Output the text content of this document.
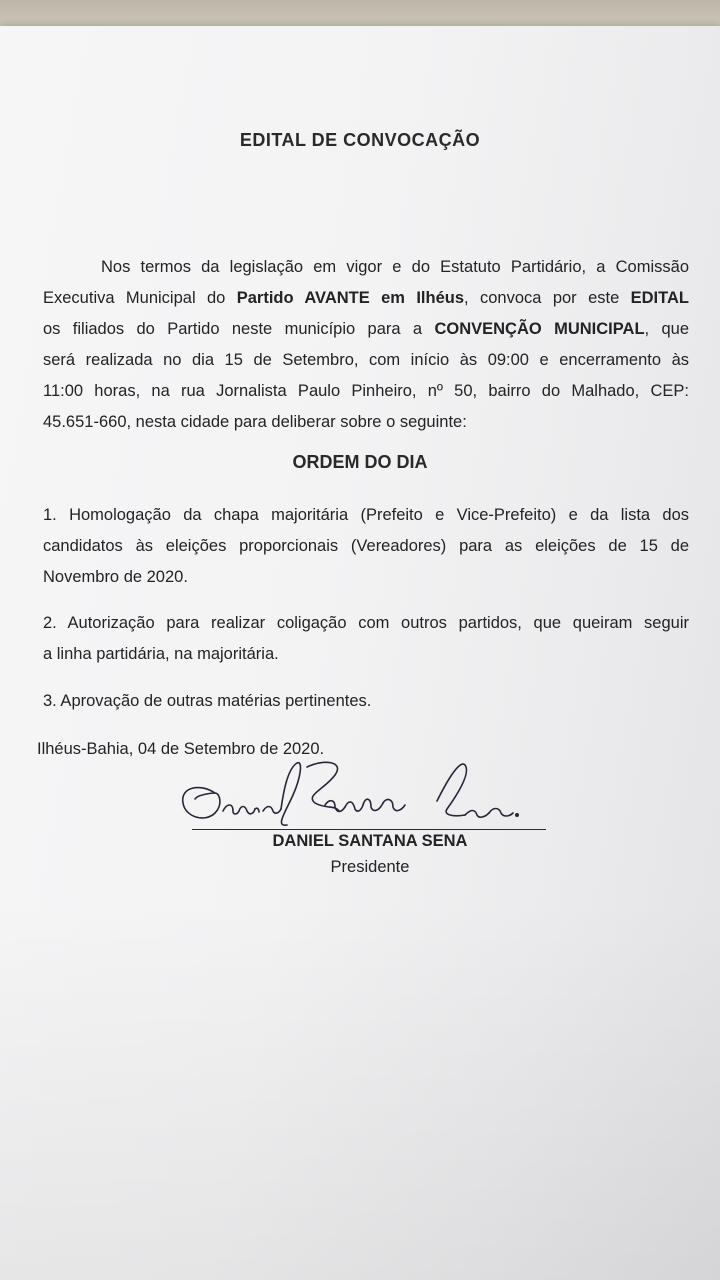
EDITAL DE CONVOCAÇÃO
Nos termos da legislação em vigor e do Estatuto Partidário, a Comissão
Executiva Municipal do Partido AVANTE em Ilhéus, convoca por este EDITAL
os filiados do Partido neste município para a CONVENÇÃO MUNICIPAL, que
será realizada no dia 15 de Setembro, com início às 09:00 e encerramento às
11:00 horas, na rua Jornalista Paulo Pinheiro, nº 50, bairro do Malhado, CEP:
45.651-660, nesta cidade para deliberar sobre o seguinte:
ORDEM DO DIA
1. Homologação da chapa majoritária (Prefeito e Vice-Prefeito) e da lista dos
candidatos às eleições proporcionais (Vereadores) para as eleições de 15 de
Novembro de 2020.
2. Autorização para realizar coligação com outros partidos, que queiram seguir
a linha partidária, na majoritária.
3. Aprovação de outras matérias pertinentes.
Ilhéus-Bahia, 04 de Setembro de 2020.
DANIEL SANTANA SENA
Presidente
